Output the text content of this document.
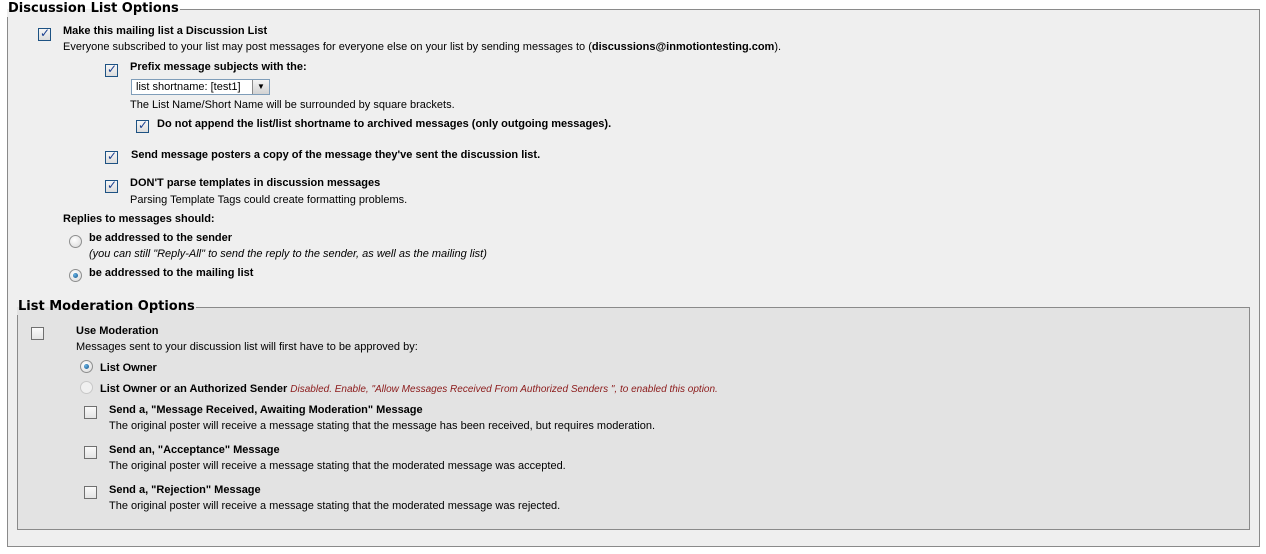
Discussion List Options
✓ Make this mailing list a Discussion List
Everyone subscribed to your list may post messages for everyone else on your list by sending messages to (discussions@inmotiontesting.com).
✓ Prefix message subjects with the:
list shortname: [test1]	▼
The List Name/Short Name will be surrounded by square brackets.
✓ Do not append the list/list shortname to archived messages (only outgoing messages).
✓ Send message posters a copy of the message they've sent the discussion list.
✓ DON'T parse templates in discussion messages
Parsing Template Tags could create formatting problems.
Replies to messages should:
be addressed to the sender
(you can still "Reply-All" to send the reply to the sender, as well as the mailing list)
be addressed to the mailing list
List Moderation Options
Use Moderation
Messages sent to your discussion list will first have to be approved by:
List Owner
List Owner or an Authorized Sender Disabled. Enable, "Allow Messages Received From Authorized Senders ", to enabled this option.
Send a, "Message Received, Awaiting Moderation" Message
The original poster will receive a message stating that the message has been received, but requires moderation.
Send an, "Acceptance" Message
The original poster will receive a message stating that the moderated message was accepted.
Send a, "Rejection" Message
The original poster will receive a message stating that the moderated message was rejected.
